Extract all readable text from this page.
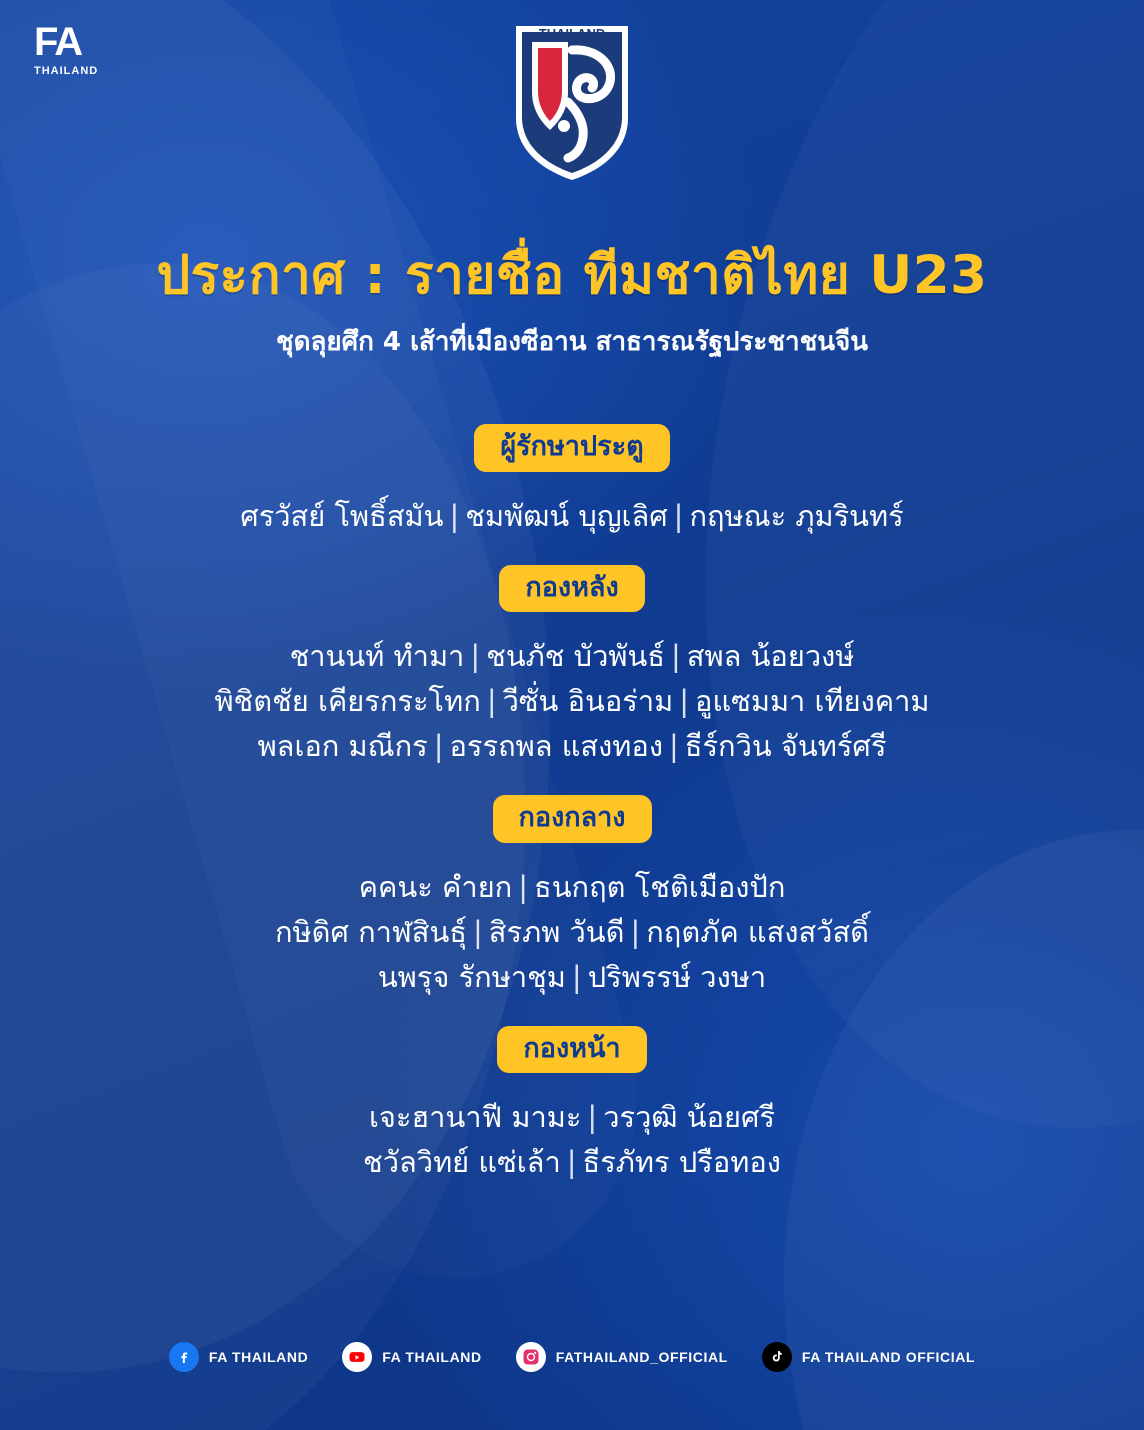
FA
THAILAND
THAILAND
ประกาศ : รายชื่อ ทีมชาติไทย U23
ชุดลุยศึก 4 เส้าที่เมืองซีอาน สาธารณรัฐประชาชนจีน
ผู้รักษาประตู
ศรวัสย์ โพธิ์สมัน | ชมพัฒน์ บุญเลิศ | กฤษณะ ภุมรินทร์
กองหลัง
ชานนท์ ทำมา | ชนภัช บัวพันธ์ | สพล น้อยวงษ์
พิชิตชัย เคียรกระโทก | วีซั่น อินอร่าม | อูแซมมา เทียงคาม
พลเอก มณีกร | อรรถพล แสงทอง | ธีร์กวิน จันทร์ศรี
กองกลาง
คคนะ คำยก | ธนกฤต โชติเมืองปัก
กษิดิศ กาฬสินธุ์ | สิรภพ วันดี | กฤตภัค แสงสวัสดิ์
นพรุจ รักษาชุม | ปริพรรษ์ วงษา
กองหน้า
เจะฮานาฟี มามะ | วรวุฒิ น้อยศรี
ชวัลวิทย์ แซ่เล้า | ธีรภัทร ปรือทอง
FA THAILAND	FA THAILAND	FATHAILAND_OFFICIAL	FA THAILAND OFFICIAL
